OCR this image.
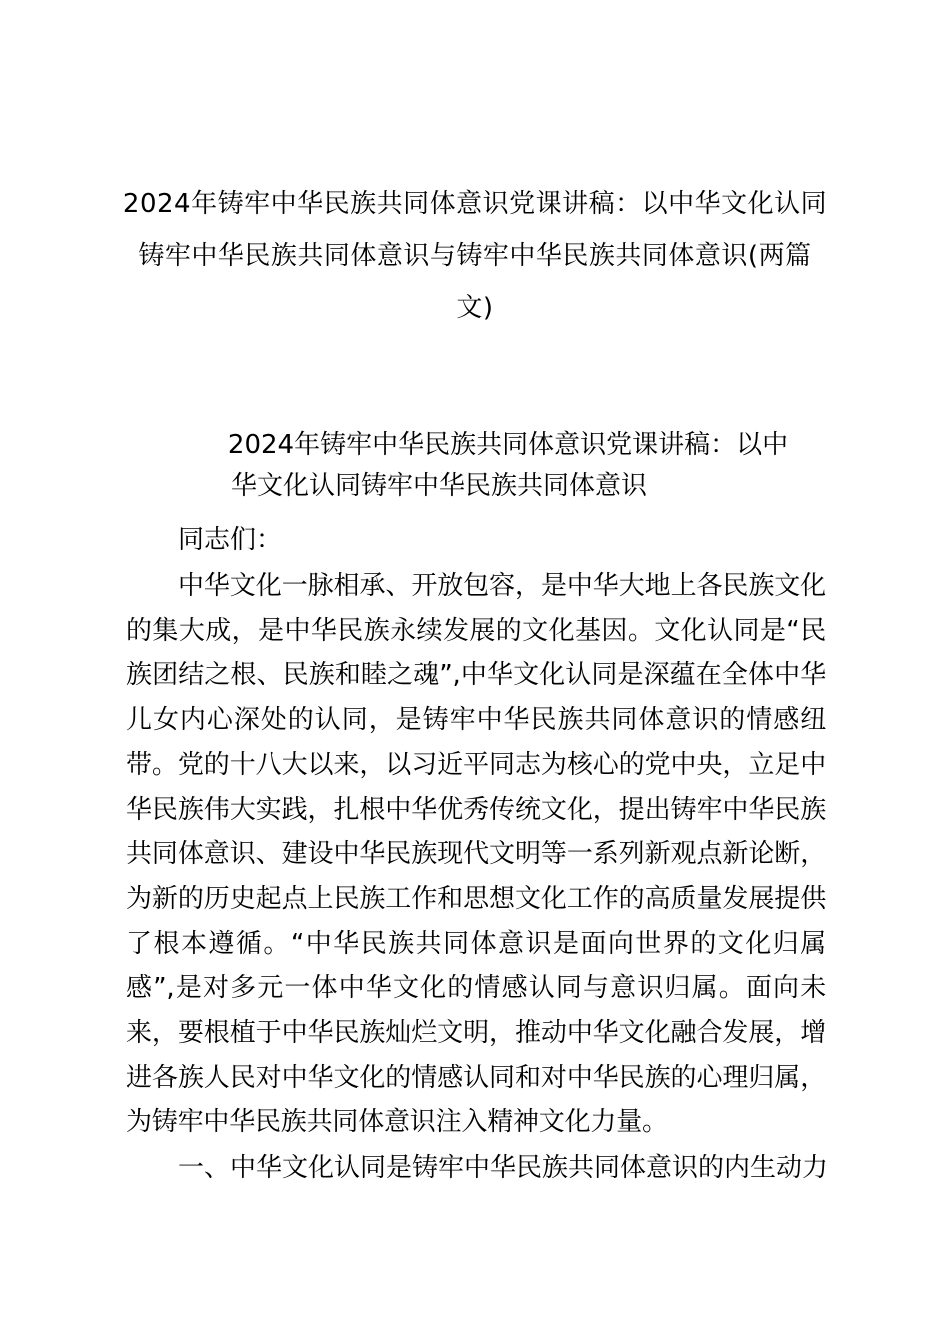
2024年铸牢中华民族共同体意识党课讲稿：以中华文化认同铸牢中华民族共同体意识与铸牢中华民族共同体意识(两篇文)
2024年铸牢中华民族共同体意识党课讲稿：以中
华文化认同铸牢中华民族共同体意识

同志们：

中华文化一脉相承、开放包容，是中华大地上各民族文化的集大成，是中华民族永续发展的文化基因。文化认同是“民族团结之根、民族和睦之魂”,中华文化认同是深蕴在全体中华儿女内心深处的认同，是铸牢中华民族共同体意识的情感纽带。党的十八大以来，以习近平同志为核心的党中央，立足中华民族伟大实践，扎根中华优秀传统文化，提出铸牢中华民族共同体意识、建设中华民族现代文明等一系列新观点新论断，为新的历史起点上民族工作和思想文化工作的高质量发展提供了根本遵循。“中华民族共同体意识是面向世界的文化归属感”,是对多元一体中华文化的情感认同与意识归属。面向未来，要根植于中华民族灿烂文明，推动中华文化融合发展，增进各族人民对中华文化的情感认同和对中华民族的心理归属，为铸牢中华民族共同体意识注入精神文化力量。

一、中华文化认同是铸牢中华民族共同体意识的内生动力
